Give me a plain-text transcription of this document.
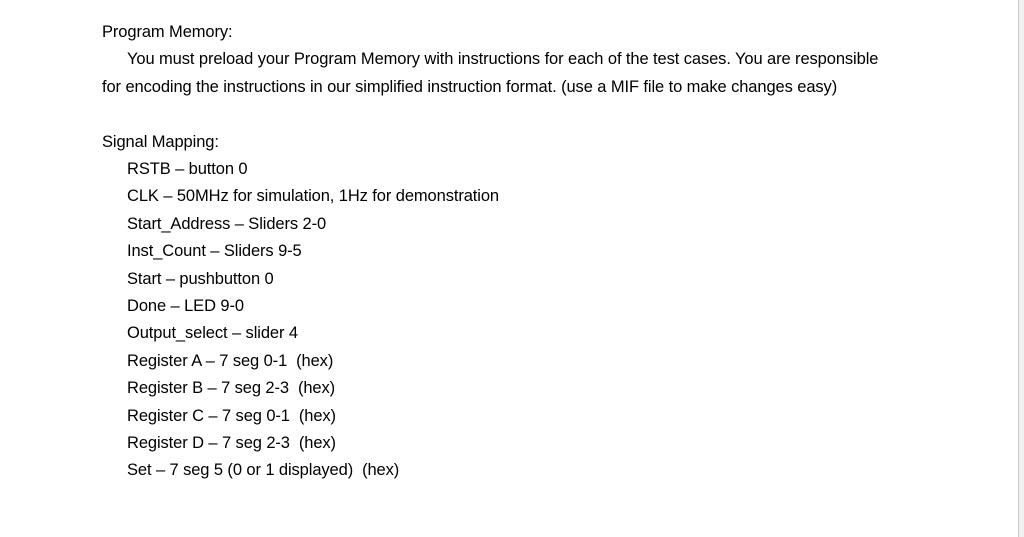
Program Memory:

You must preload your Program Memory with instructions for each of the test cases. You are responsible for encoding the instructions in our simplified instruction format. (use a MIF file to make changes easy)

Signal Mapping:

RSTB – button 0
CLK – 50MHz for simulation, 1Hz for demonstration
Start_Address – Sliders 2-0
Inst_Count – Sliders 9-5
Start – pushbutton 0
Done – LED 9-0
Output_select – slider 4
Register A – 7 seg 0-1  (hex)
Register B – 7 seg 2-3  (hex)
Register C – 7 seg 0-1  (hex)
Register D – 7 seg 2-3  (hex)
Set – 7 seg 5 (0 or 1 displayed)  (hex)
